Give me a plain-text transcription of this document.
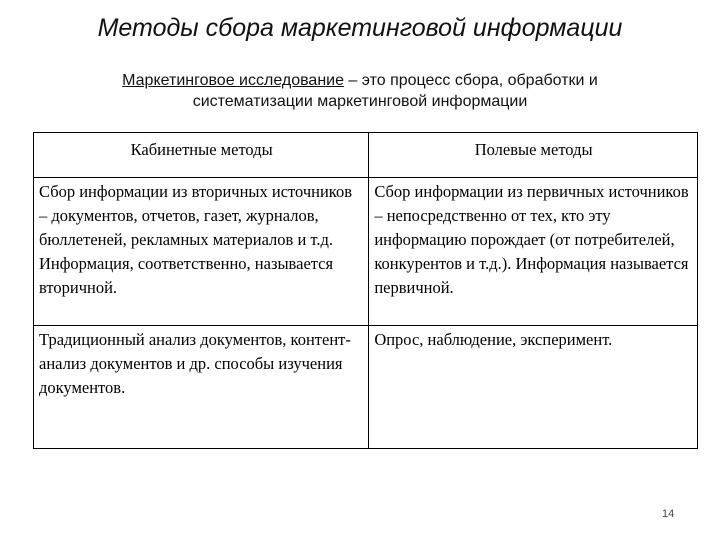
Методы сбора маркетинговой информации
Маркетинговое исследование – это процесс сбора, обработки и систематизации маркетинговой информации
Кабинетные методы	Полевые методы
Сбор информации из вторичных источников – документов, отчетов, газет, журналов, бюллетеней, рекламных материалов и т.д. Информация, соответственно, называется вторичной.	Сбор информации из первичных источников – непосредственно от тех, кто эту информацию порождает (от потребителей, конкурентов и т.д.). Информация называется первичной.
Традиционный анализ документов, контент-анализ документов и др. способы изучения документов.	Опрос, наблюдение, эксперимент.
14
